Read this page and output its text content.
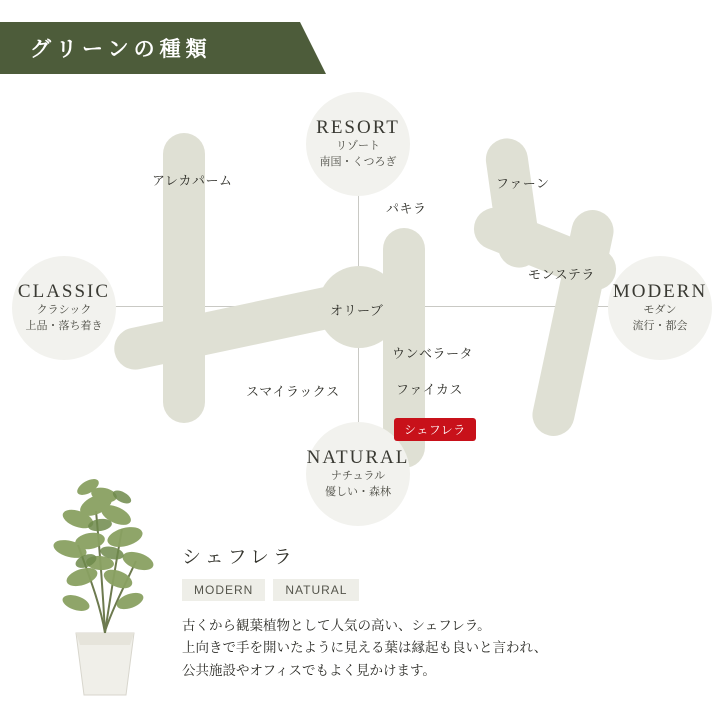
グリーンの種類
オリーブ
CLASSIC
クラシック
上品・落ち着き
MODERN
モダン
流行・都会
RESORT
リゾート
南国・くつろぎ
NATURAL
ナチュラル
優しい・森林
アレカパーム
パキラ
ファーン
モンステラ
スマイラックス
ウンベラータ
ファイカス
シェフレラ
シェフレラ
MODERN	NATURAL
古くから観葉植物として人気の高い、シェフレラ。
上向きで手を開いたように見える葉は縁起も良いと言われ、
公共施設やオフィスでもよく見かけます。
